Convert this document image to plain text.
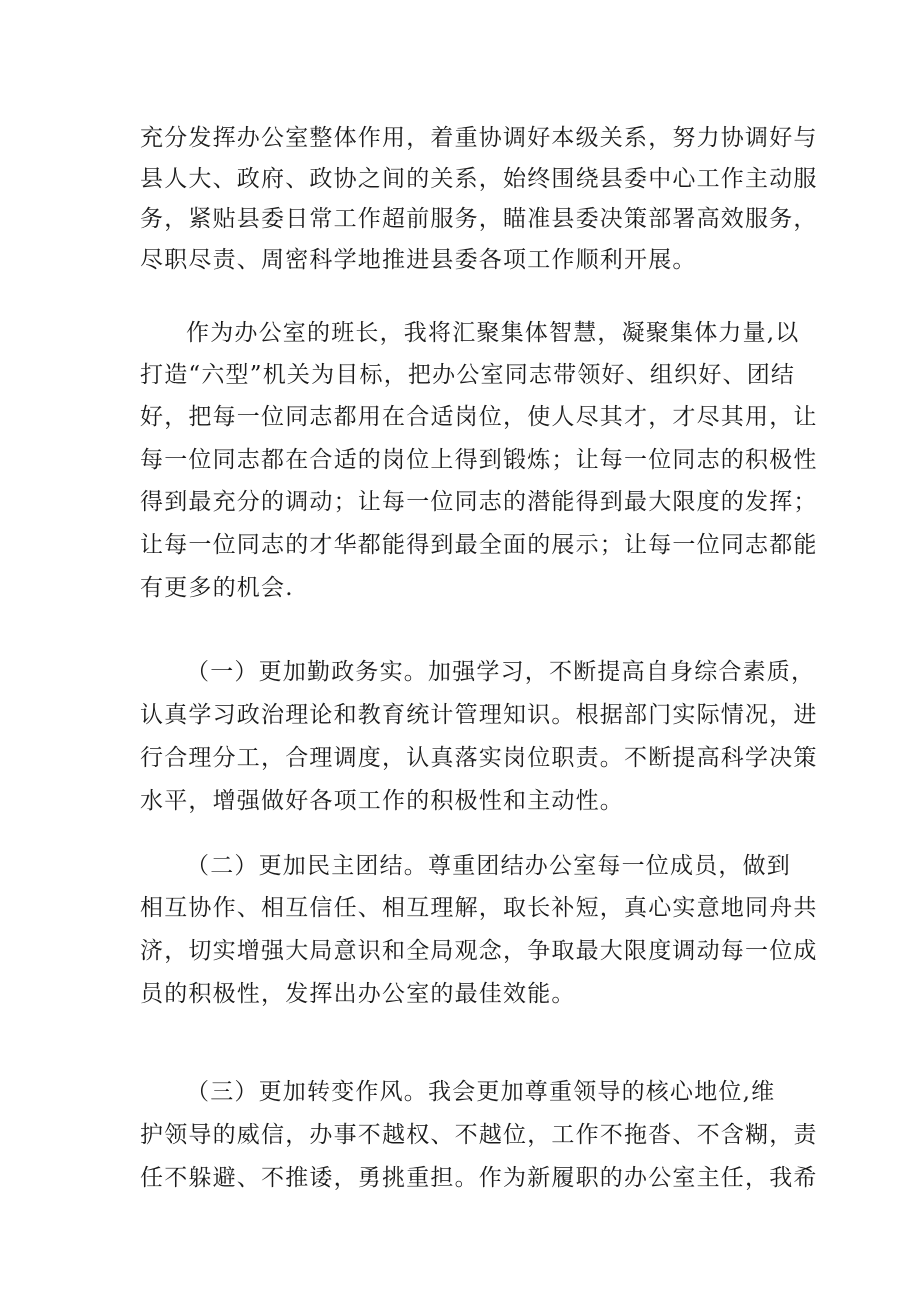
充分发挥办公室整体作用，着重协调好本级关系，努力协调好与
县人大、政府、政协之间的关系，始终围绕县委中心工作主动服
务，紧贴县委日常工作超前服务，瞄准县委决策部署高效服务，
尽职尽责、周密科学地推进县委各项工作顺利开展。
作为办公室的班长，我将汇聚集体智慧，凝聚集体力量,以
打造“六型”机关为目标，把办公室同志带领好、组织好、团结
好，把每一位同志都用在合适岗位，使人尽其才，才尽其用，让
每一位同志都在合适的岗位上得到锻炼；让每一位同志的积极性
得到最充分的调动；让每一位同志的潜能得到最大限度的发挥；
让每一位同志的才华都能得到最全面的展示；让每一位同志都能
有更多的机会.
（一）更加勤政务实。加强学习，不断提高自身综合素质，
认真学习政治理论和教育统计管理知识。根据部门实际情况，进
行合理分工，合理调度，认真落实岗位职责。不断提高科学决策
水平，增强做好各项工作的积极性和主动性。
（二）更加民主团结。尊重团结办公室每一位成员，做到
相互协作、相互信任、相互理解，取长补短，真心实意地同舟共
济，切实增强大局意识和全局观念，争取最大限度调动每一位成
员的积极性，发挥出办公室的最佳效能。
（三）更加转变作风。我会更加尊重领导的核心地位,维
护领导的威信，办事不越权、不越位，工作不拖沓、不含糊，责
任不躲避、不推诿，勇挑重担。作为新履职的办公室主任，我希
